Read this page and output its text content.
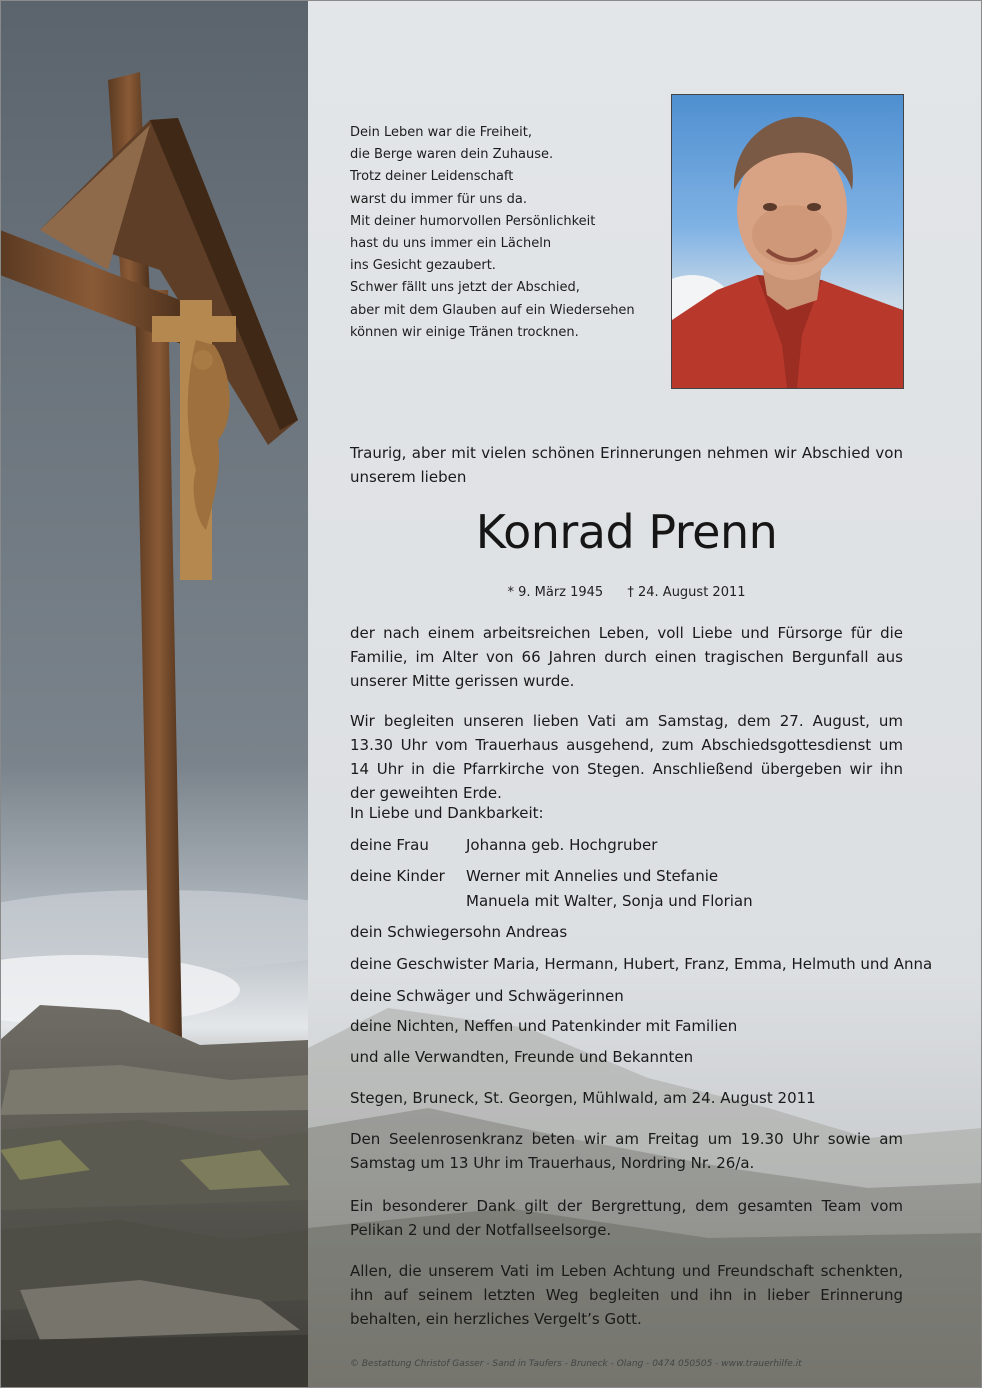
Dein Leben war die Freiheit,
die Berge waren dein Zuhause.
Trotz deiner Leidenschaft
warst du immer für uns da.
Mit deiner humorvollen Persönlichkeit
hast du uns immer ein Lächeln
ins Gesicht gezaubert.
Schwer fällt uns jetzt der Abschied,
aber mit dem Glauben auf ein Wiedersehen
können wir einige Tränen trocknen.
Traurig, aber mit vielen schönen Erinnerungen nehmen wir Abschied von unserem lieben
Konrad Prenn
* 9. März 1945 † 24. August 2011
der nach einem arbeitsreichen Leben, voll Liebe und Fürsorge für die Familie, im Alter von 66 Jahren durch einen tragischen Bergunfall aus unserer Mitte gerissen wurde.
Wir begleiten unseren lieben Vati am Samstag, dem 27. August, um 13.30 Uhr vom Trauerhaus ausgehend, zum Abschiedsgottesdienst um 14 Uhr in die Pfarrkirche von Stegen. Anschließend übergeben wir ihn der geweihten Erde.
In Liebe und Dankbarkeit:
deine Frau Johanna geb. Hochgruber
deine Kinder Werner mit Annelies und Stefanie
Manuela mit Walter, Sonja und Florian
dein Schwiegersohn Andreas
deine Geschwister Maria, Hermann, Hubert, Franz, Emma, Helmuth und Anna
deine Schwäger und Schwägerinnen
deine Nichten, Neffen und Patenkinder mit Familien
und alle Verwandten, Freunde und Bekannten
Stegen, Bruneck, St. Georgen, Mühlwald, am 24. August 2011
Den Seelenrosenkranz beten wir am Freitag um 19.30 Uhr sowie am Samstag um 13 Uhr im Trauerhaus, Nordring Nr. 26/a.
Ein besonderer Dank gilt der Bergrettung, dem gesamten Team vom Pelikan 2 und der Notfallseelsorge.
Allen, die unserem Vati im Leben Achtung und Freundschaft schenkten, ihn auf seinem letzten Weg begleiten und ihn in lieber Erinnerung behalten, ein herzliches Vergelt’s Gott.
© Bestattung Christof Gasser - Sand in Taufers - Bruneck - Olang - 0474 050505 - www.trauerhilfe.it
